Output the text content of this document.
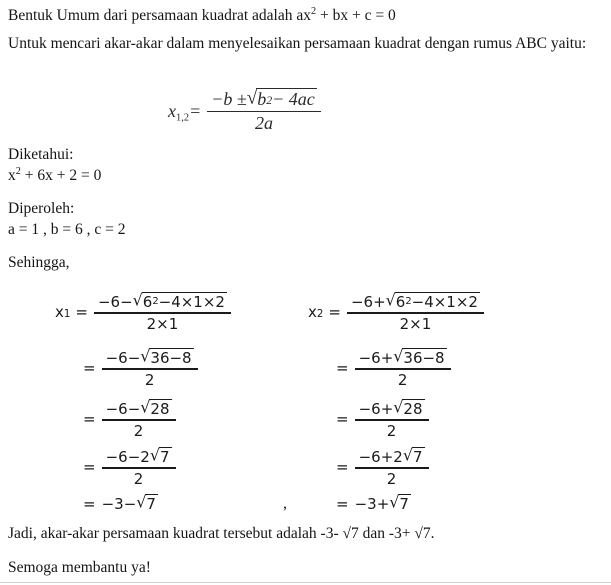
Bentuk Umum dari persamaan kuadrat adalah $ax^2$ + bx + c = 0
Untuk mencari akar-akar dalam menyelesaikan persamaan kuadrat dengan rumus ABC yaitu:
$x_{1,2} = \frac{-b \pm √ b 2 - 4ac}{2a}$
Diketahui:
$x^2 + 6x + 2 = 0$
Diperoleh:
a = 1 , b = 6 , c = 2
Sehingga,
x $1 = \frac{-6- √ 6 2 -4\times 1\times 2}{2\times 1}$
= $\frac{-6- √ 36-8}{2}$
= $\frac{-6- √ 28}{2}$
= $\frac{-6-2 √ 7}{2}$
= −3− √ 7	,
x $2 = \frac{-6+ √ 6 2 -4\times 1\times 2}{2\times 1}$
= $\frac{-6+ √ 36-8}{2}$
= $\frac{-6+ √ 28}{2}$
= $\frac{-6+2 √ 7}{2}$
= −3+ √ 7
Jadi, akar-akar persamaan kuadrat tersebut adalah -3- √7 dan -3+ √7.
Semoga membantu ya!
